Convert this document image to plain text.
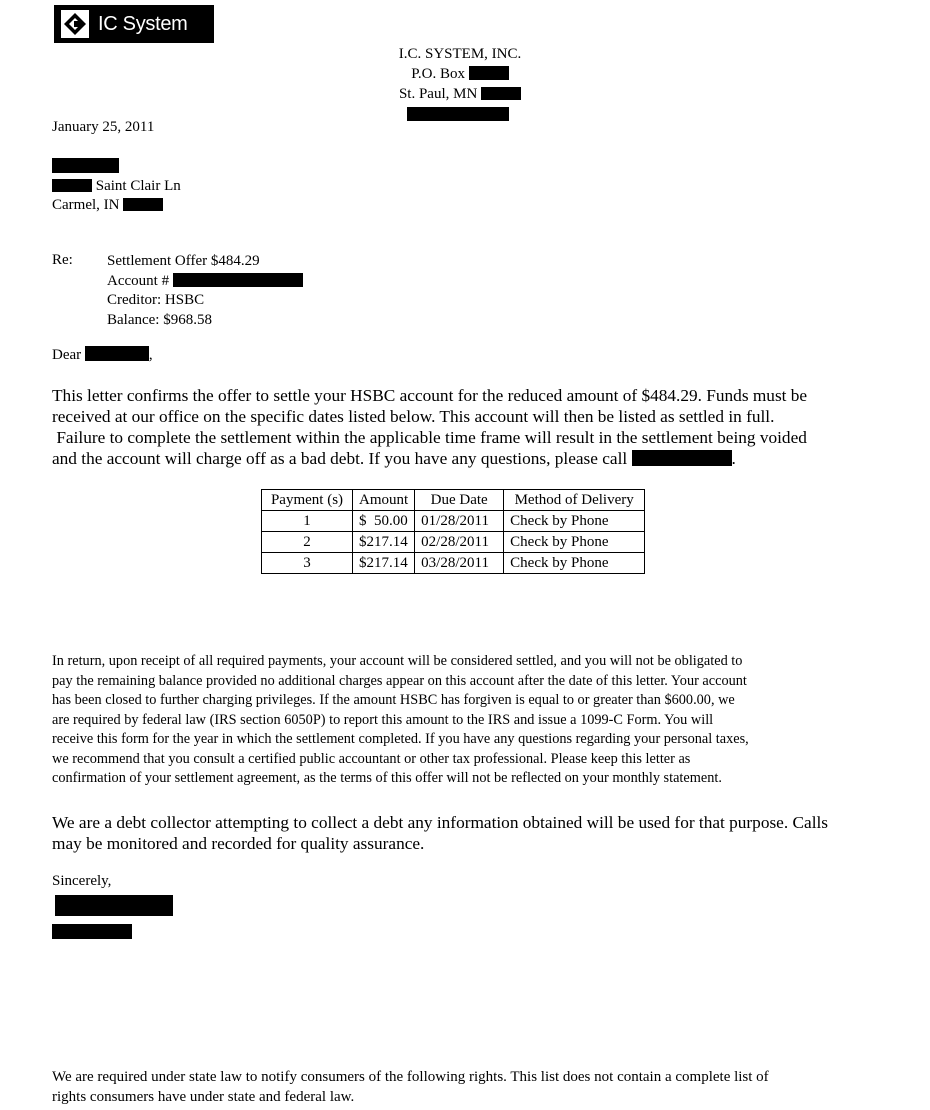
IC System
I.C. SYSTEM, INC.
P.O. Box
St. Paul, MN
January 25, 2011
Saint Clair Ln
Carmel, IN
Re: Settlement Offer $484.29
Account #
Creditor: HSBC
Balance: $968.58
Dear	,
This letter confirms the offer to settle your HSBC account for the reduced amount of $484.29. Funds must be
received at our office on the specific dates listed below. This account will then be listed as settled in full.
Failure to complete the settlement within the applicable time frame will result in the settlement being voided
and the account will charge off as a bad debt. If you have any questions, please call	.
Payment (s)	Amount	Due Date	Method of Delivery
1	$  50.00	01/28/2011	Check by Phone
2	$217.14	02/28/2011	Check by Phone
3	$217.14	03/28/2011	Check by Phone
In return, upon receipt of all required payments, your account will be considered settled, and you will not be obligated to
pay the remaining balance provided no additional charges appear on this account after the date of this letter. Your account
has been closed to further charging privileges. If the amount HSBC has forgiven is equal to or greater than $600.00, we
are required by federal law (IRS section 6050P) to report this amount to the IRS and issue a 1099-C Form. You will
receive this form for the year in which the settlement completed. If you have any questions regarding your personal taxes,
we recommend that you consult a certified public accountant or other tax professional. Please keep this letter as
confirmation of your settlement agreement, as the terms of this offer will not be reflected on your monthly statement.
We are a debt collector attempting to collect a debt any information obtained will be used for that purpose. Calls
may be monitored and recorded for quality assurance.
Sincerely,
We are required under state law to notify consumers of the following rights. This list does not contain a complete list of
rights consumers have under state and federal law.
